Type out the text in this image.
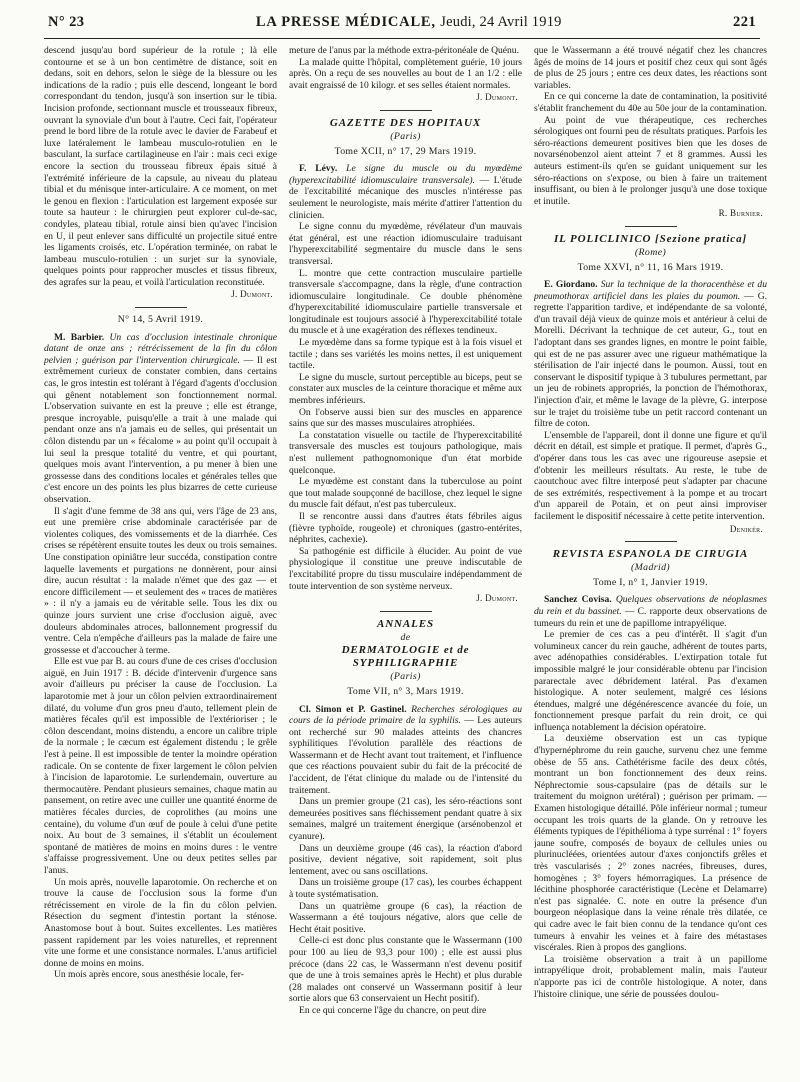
N° 23	LA PRESSE MÉDICALE, Jeudi, 24 Avril 1919	221

descend jusqu'au bord supérieur de la rotule ; là elle contourne et se à un bon centimètre de distance, soit en dedans, soit en dehors, selon le siège de la blessure ou les indications de la radio ; puis elle descend, longeant le bord correspondant du tendon, jusqu'à son insertion sur le tibia. Incision profonde, sectionnant muscle et trousseaux fibreux, ouvrant la synoviale d'un bout à l'autre. Ceci fait, l'opérateur prend le bord libre de la rotule avec le davier de Farabeuf et luxe latéralement le lambeau musculo-rotulien en le basculant, la surface cartilagineuse en l'air : mais ceci exige encore la section du trousseau fibreux épais situé à l'extrémité inférieure de la capsule, au niveau du plateau tibial et du ménisque inter-articulaire. A ce moment, on met le genou en flexion : l'articulation est largement exposée sur toute sa hauteur : le chirurgien peut explorer cul-de-sac, condyles, plateau tibial, rotule ainsi bien qu'avec l'incision en U, il peut enlever sans difficulté un projectile situé entre les ligaments croisés, etc. L'opération terminée, on rabat le lambeau musculo-rotulien : un surjet sur la synoviale, quelques points pour rapprocher muscles et tissus fibreux, des agrafes sur la peau, et voilà l'articulation reconstituée.

J. Dumont.
N° 14, 5 Avril 1919.

M. Barbier. Un cas d'occlusion intestinale chronique datant de onze ans ; rétrécissement de la fin du côlon pelvien ; guérison par l'intervention chirurgicale. — Il est extrêmement curieux de constater combien, dans certains cas, le gros intestin est tolérant à l'égard d'agents d'occlusion qui gênent notablement son fonctionnement normal. L'observation suivante en est la preuve ; elle est étrange, presque incroyable, puisqu'elle a trait à une malade qui pendant onze ans n'a jamais eu de selles, qui présentait un côlon distendu par un « fécalome » au point qu'il occupait à lui seul la presque totalité du ventre, et qui pourtant, quelques mois avant l'intervention, a pu mener à bien une grossesse dans des conditions locales et générales telles que c'est encore un des points les plus bizarres de cette curieuse observation.

Il s'agit d'une femme de 38 ans qui, vers l'âge de 23 ans, eut une première crise abdominale caractérisée par de violentes coliques, des vomissements et de la diarrhée. Ces crises se répétèrent ensuite toutes les deux ou trois semaines. Une constipation opiniâtre leur succéda, constipation contre laquelle lavements et purgations ne donnèrent, pour ainsi dire, aucun résultat : la malade n'émet que des gaz — et encore difficilement — et seulement des « traces de matières » : il n'y a jamais eu de véritable selle. Tous les dix ou quinze jours survient une crise d'occlusion aiguë, avec douleurs abdominales atroces, ballonnement progressif du ventre. Cela n'empêche d'ailleurs pas la malade de faire une grossesse et d'accoucher à terme.

Elle est vue par B. au cours d'une de ces crises d'occlusion aiguë, en Juin 1917 : B. décide d'intervenir d'urgence sans avoir d'ailleurs pu préciser la cause de l'occlusion. La laparotomie met à jour un côlon pelvien extraordinairement dilaté, du volume d'un gros pneu d'auto, tellement plein de matières fécales qu'il est impossible de l'extérioriser ; le côlon descendant, moins distendu, a encore un calibre triple de la normale ; le cæcum est également distendu ; le grêle l'est à peine. Il est impossible de tenter la moindre opération radicale. On se contente de fixer largement le côlon pelvien à l'incision de laparotomie. Le surlendemain, ouverture au thermocautère. Pendant plusieurs semaines, chaque matin au pansement, on retire avec une cuiller une quantité énorme de matières fécales durcies, de coprolithes (au moins une centaine), du volume d'un œuf de poule à celui d'une petite noix. Au bout de 3 semaines, il s'établit un écoulement spontané de matières de moins en moins dures : le ventre s'affaisse progressivement. Une ou deux petites selles par l'anus.

Un mois après, nouvelle laparotomie. On recherche et on trouve la cause de l'occlusion sous la forme d'un rétrécissement en virole de la fin du côlon pelvien. Résection du segment d'intestin portant la sténose. Anastomose bout à bout. Suites excellentes. Les matières passent rapidement par les voies naturelles, et reprennent vite une forme et une consistance normales. L'anus artificiel donne de moins en moins.

Un mois après encore, sous anesthésie locale, fer-

meture de l'anus par la méthode extra-péritonéale de Quénu.

La malade quitte l'hôpital, complètement guérie, 10 jours après. On a reçu de ses nouvelles au bout de 1 an 1/2 : elle avait engraissé de 10 kilogr. et ses selles étaient normales.

J. Dumont.
GAZETTE DES HOPITAUX
(Paris)
Tome XCII, n° 17, 29 Mars 1919.

F. Lévy. Le signe du muscle ou du myœdème (hyperexcitabilité idiomusculaire transversale). — L'étude de l'excitabilité mécanique des muscles n'intéresse pas seulement le neurologiste, mais mérite d'attirer l'attention du clinicien.

Le signe connu du myœdème, révélateur d'un mauvais état général, est une réaction idiomusculaire traduisant l'hyperexcitabilité segmentaire du muscle dans le sens transversal.

L. montre que cette contraction musculaire partielle transversale s'accompagne, dans la règle, d'une contraction idiomusculaire longitudinale. Ce double phénomène d'hyperexcitabilité idiomusculaire partielle transversale et longitudinale est toujours associé à l'hyperexcitabilité totale du muscle et à une exagération des réflexes tendineux.

Le myœdème dans sa forme typique est à la fois visuel et tactile ; dans ses variétés les moins nettes, il est uniquement tactile.

Le signe du muscle, surtout perceptible au biceps, peut se constater aux muscles de la ceinture thoracique et même aux membres inférieurs.

On l'observe aussi bien sur des muscles en apparence sains que sur des masses musculaires atrophiées.

La constatation visuelle ou tactile de l'hyperexcitabilité transversale des muscles est toujours pathologique, mais n'est nullement pathognomonique d'un état morbide quelconque.

Le myœdème est constant dans la tuberculose au point que tout malade soupçonné de bacillose, chez lequel le signe du muscle fait défaut, n'est pas tuberculeux.

Il se rencontre aussi dans d'autres états fébriles aigus (fièvre typhoïde, rougeole) et chroniques (gastro-entérites, néphrites, cachexie).

Sa pathogénie est difficile à élucider. Au point de vue physiologique il constitue une preuve indiscutable de l'excitabilité propre du tissu musculaire indépendamment de toute intervention de son système nerveux.

J. Dumont.
ANNALES
de
DERMATOLOGIE et de SYPHILIGRAPHIE
(Paris)
Tome VII, n° 3, Mars 1919.

Cl. Simon et P. Gastinel. Recherches sérologiques au cours de la période primaire de la syphilis. — Les auteurs ont recherché sur 90 malades atteints des chancres syphilitiques l'évolution parallèle des réactions de Wassermann et de Hecht avant tout traitement, et l'influence que ces réactions pouvaient subir du fait de la précocité de l'accident, de l'état clinique du malade ou de l'intensité du traitement.

Dans un premier groupe (21 cas), les séro-réactions sont demeurées positives sans fléchissement pendant quatre à six semaines, malgré un traitement énergique (arsénobenzol et cyanure).

Dans un deuxième groupe (46 cas), la réaction d'abord positive, devient négative, soit rapidement, soit plus lentement, avec ou sans oscillations.

Dans un troisième groupe (17 cas), les courbes échappent à toute systématisation.

Dans un quatrième groupe (6 cas), la réaction de Wassermann a été toujours négative, alors que celle de Hecht était positive.

Celle-ci est donc plus constante que le Wassermann (100 pour 100 au lieu de 93,3 pour 100) ; elle est aussi plus précoce (dans 22 cas, le Wassermann n'est devenu positif que de une à trois semaines après le Hecht) et plus durable (28 malades ont conservé un Wassermann positif à leur sortie alors que 63 conservaient un Hecht positif).

En ce qui concerne l'âge du chancre, on peut dire

que le Wassermann a été trouvé négatif chez les chancres âgés de moins de 14 jours et positif chez ceux qui sont âgés de plus de 25 jours ; entre ces deux dates, les réactions sont variables.

En ce qui concerne la date de contamination, la positivité s'établit franchement du 40e au 50e jour de la contamination.

Au point de vue thérapeutique, ces recherches sérologiques ont fourni peu de résultats pratiques. Parfois les séro-réactions demeurent positives bien que les doses de novarsénobenzol aient atteint 7 et 8 grammes. Aussi les auteurs estiment-ils qu'en se guidant uniquement sur les séro-réactions on s'expose, ou bien à faire un traitement insuffisant, ou bien à le prolonger jusqu'à une dose toxique et inutile.

R. Burnier.
IL POLICLINICO [Sezione pratica]
(Rome)
Tome XXVI, n° 11, 16 Mars 1919.

E. Giordano. Sur la technique de la thoracenthèse et du pneumothorax artificiel dans les plaies du poumon. — G. regrette l'apparition tardive, et indépendante de sa volonté, d'un travail déjà vieux de quinze mois et antérieur à celui de Morelli. Décrivant la technique de cet auteur, G., tout en l'adoptant dans ses grandes lignes, en montre le point faible, qui est de ne pas assurer avec une rigueur mathématique la stérilisation de l'air injecté dans le poumon. Aussi, tout en conservant le dispositif typique à 3 tubulures permettant, par un jeu de robinets appropriés, la ponction de l'hémothorax, l'injection d'air, et même le lavage de la plèvre, G. interpose sur le trajet du troisième tube un petit raccord contenant un filtre de coton.

L'ensemble de l'appareil, dont il donne une figure et qu'il décrit en détail, est simple et pratique. Il permet, d'après G., d'opérer dans tous les cas avec une rigoureuse asepsie et d'obtenir les meilleurs résultats. Au reste, le tube de caoutchouc avec filtre interposé peut s'adapter par chacune de ses extrémités, respectivement à la pompe et au trocart d'un appareil de Potain, et on peut ainsi improviser facilement le dispositif nécessaire à cette petite intervention.

Denikér.
REVISTA ESPANOLA DE CIRUGIA
(Madrid)
Tome I, n° 1, Janvier 1919.

Sanchez Covisa. Quelques observations de néoplasmes du rein et du bassinet. — C. rapporte deux observations de tumeurs du rein et une de papillome intrapyélique.

Le premier de ces cas a peu d'intérêt. Il s'agit d'un volumineux cancer du rein gauche, adhérent de toutes parts, avec adénopathies considérables. L'extirpation totale fut impossible malgré le jour considérable obtenu par l'incision pararectale avec débridement latéral. Pas d'examen histologique. A noter seulement, malgré ces lésions étendues, malgré une dégénérescence avancée du foie, un fonctionnement presque parfait du rein droit, ce qui influença notablement la décision opératoire.

La deuxième observation est un cas typique d'hypernéphrome du rein gauche, survenu chez une femme obèse de 55 ans. Cathétérisme facile des deux côtés, montrant un bon fonctionnement des deux reins. Néphrectomie sous-capsulaire (pas de détails sur le traitement du moignon urétéral) ; guérison per primam. — Examen histologique détaillé. Pôle inférieur normal ; tumeur occupant les trois quarts de la glande. On y retrouve les éléments typiques de l'épithélioma à type surrénal : 1° foyers jaune soufre, composés de boyaux de cellules unies ou plurinucléées, orientées autour d'axes conjonctifs grêles et très vascularisés ; 2° zones nacrées, fibreuses, dures, homogènes ; 3° foyers hémorragiques. La présence de lécithine phosphorée caractéristique (Lecène et Delamarre) n'est pas signalée. C. note en outre la présence d'un bourgeon néoplasique dans la veine rénale très dilatée, ce qui cadre avec le fait bien connu de la tendance qu'ont ces tumeurs à envahir les veines et à faire des métastases viscérales. Rien à propos des ganglions.

La troisième observation a trait à un papillome intrapyélique droit, probablement malin, mais l'auteur n'apporte pas ici de contrôle histologique. A noter, dans l'histoire clinique, une série de poussées doulou-
